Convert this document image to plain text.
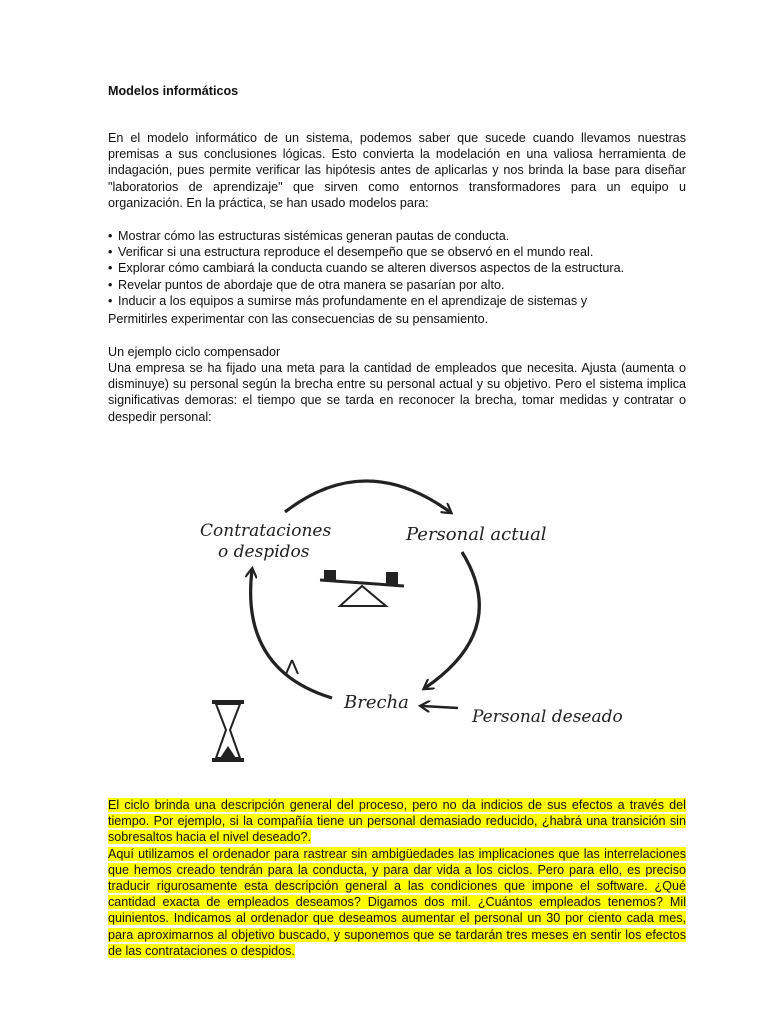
Modelos informáticos
En el modelo informático de un sistema, podemos saber que sucede cuando llevamos nuestras premisas a sus conclusiones lógicas. Esto convierta la modelación en una valiosa herramienta de indagación, pues permite verificar las hipótesis antes de aplicarlas y nos brinda la base para diseñar "laboratorios de aprendizaje" que sirven como entornos transformadores para un equipo u organización. En la práctica, se han usado modelos para:
• Mostrar cómo las estructuras sistémicas generan pautas de conducta.
• Verificar si una estructura reproduce el desempeño que se observó en el mundo real.
• Explorar cómo cambiará la conducta cuando se alteren diversos aspectos de la estructura.
• Revelar puntos de abordaje que de otra manera se pasarían por alto.
• Inducir a los equipos a sumirse más profundamente en el aprendizaje de sistemas y
Permitirles experimentar con las consecuencias de su pensamiento.
Un ejemplo ciclo compensador
Una empresa se ha fijado una meta para la cantidad de empleados que necesita. Ajusta (aumenta o disminuye) su personal según la brecha entre su personal actual y su objetivo. Pero el sistema implica significativas demoras: el tiempo que se tarda en reconocer la brecha, tomar medidas y contratar o despedir personal:
Contrataciones
o despidos
Personal actual
Brecha
Personal deseado
El ciclo brinda una descripción general del proceso, pero no da indicios de sus efectos a través del tiempo. Por ejemplo, si la compañía tiene un personal demasiado reducido, ¿habrá una transición sin sobresaltos hacia el nivel deseado?.
Aquí utilizamos el ordenador para rastrear sin ambigüedades las implicaciones que las interrelaciones que hemos creado tendrán para la conducta, y para dar vida a los ciclos. Pero para ello, es preciso traducir rigurosamente esta descripción general a las condiciones que impone el software. ¿Qué cantidad exacta de empleados deseamos? Digamos dos mil. ¿Cuántos empleados tenemos? Mil quinientos. Indicamos al ordenador que deseamos aumentar el personal un 30 por ciento cada mes, para aproximarnos al objetivo buscado, y suponemos que se tardarán tres meses en sentir los efectos de las contrataciones o despidos.
